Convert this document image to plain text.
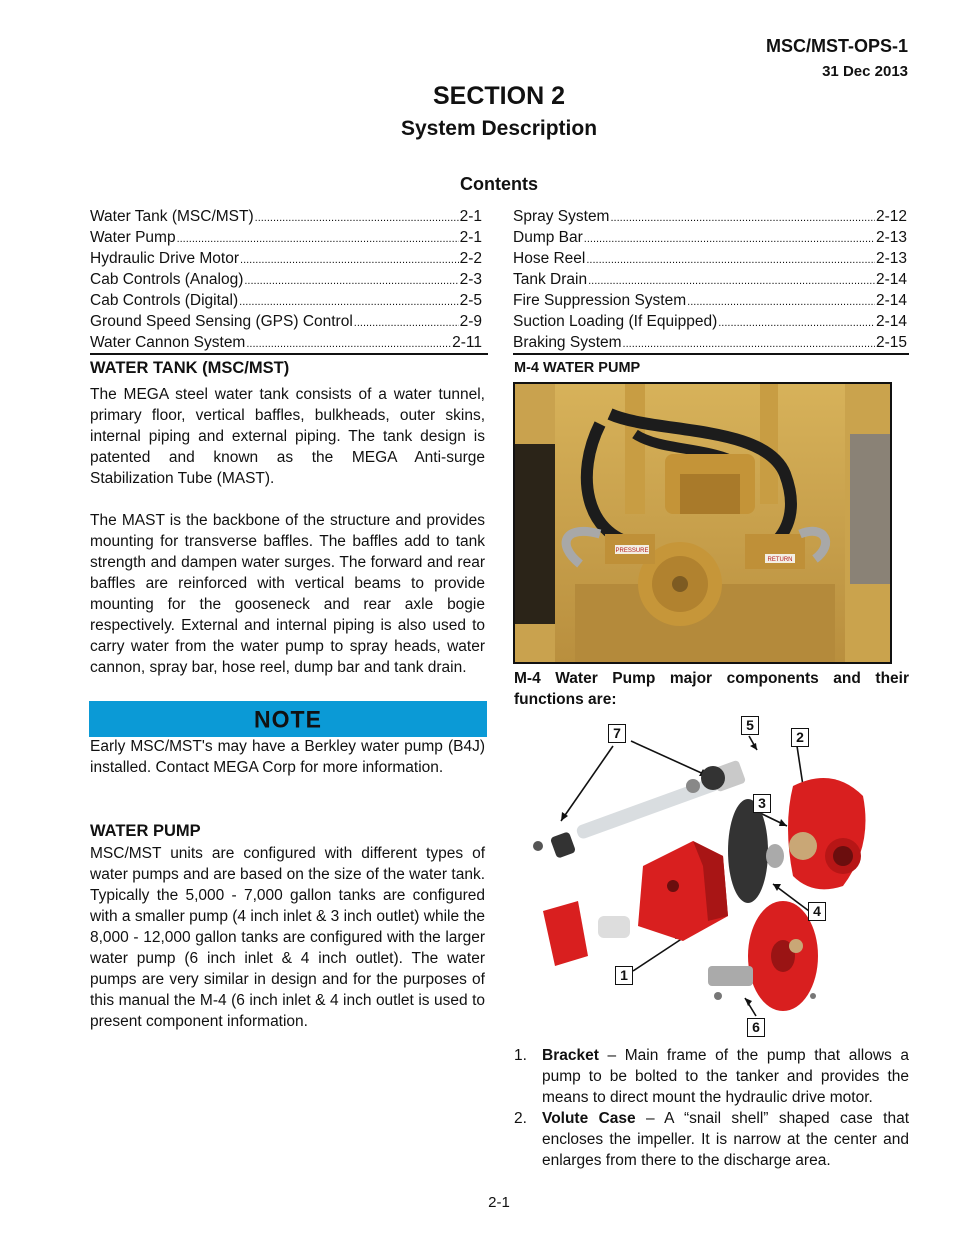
MSC/MST-OPS-1
31 Dec 2013
SECTION 2
System Description
Contents
Water Tank (MSC/MST) .....	2-1
Water Pump .....	2-1
Hydraulic Drive Motor .....	2-2
Cab Controls (Analog) .....	2-3
Cab Controls (Digital) .....	2-5
Ground Speed Sensing (GPS) Control .....	2-9
Water Cannon System .....	2-11
Spray System .....	2-12
Dump Bar .....	2-13
Hose Reel .....	2-13
Tank Drain .....	2-14
Fire Suppression System .....	2-14
Suction Loading (If Equipped) .....	2-14
Braking System .....	2-15

WATER TANK (MSC/MST)

The MEGA steel water tank consists of a water tunnel, primary floor, vertical baffles, bulkheads, outer skins, internal piping and external piping. The tank design is patented and known as the MEGA Anti-surge Stabilization Tube (MAST).

The MAST is the backbone of the structure and provides mounting for transverse baffles. The baffles add to tank strength and dampen water surges. The forward and rear baffles are reinforced with vertical beams to provide mounting for the gooseneck and rear axle bogie respectively. External and internal piping is also used to carry water from the water pump to spray heads, water cannon, spray bar, hose reel, dump bar and tank drain.

NOTE

Early MSC/MST's may have a Berkley water pump (B4J) installed. Contact MEGA Corp for more information.

WATER PUMP

MSC/MST units are configured with different types of water pumps and are based on the size of the water tank. Typically the 5,000 - 7,000 gallon tanks are configured with a smaller pump (4 inch inlet & 3 inch outlet) while the 8,000 - 12,000 gallon tanks are configured with the larger water pump (6 inch inlet & 4 inch outlet). The water pumps are very similar in design and for the purposes of this manual the M-4 (6 inch inlet & 4 inch outlet is used to present component information.

M-4 WATER PUMP

PRESSURE
RETURN

M-4 Water Pump major components and their functions are:

7	5
2
3
4
1
6
1. Bracket – Main frame of the pump that allows a pump to be bolted to the tanker and provides the means to direct mount the hydraulic drive motor.
2. Volute Case – A “snail shell” shaped case that encloses the impeller. It is narrow at the center and enlarges from there to the discharge area.
2-1
